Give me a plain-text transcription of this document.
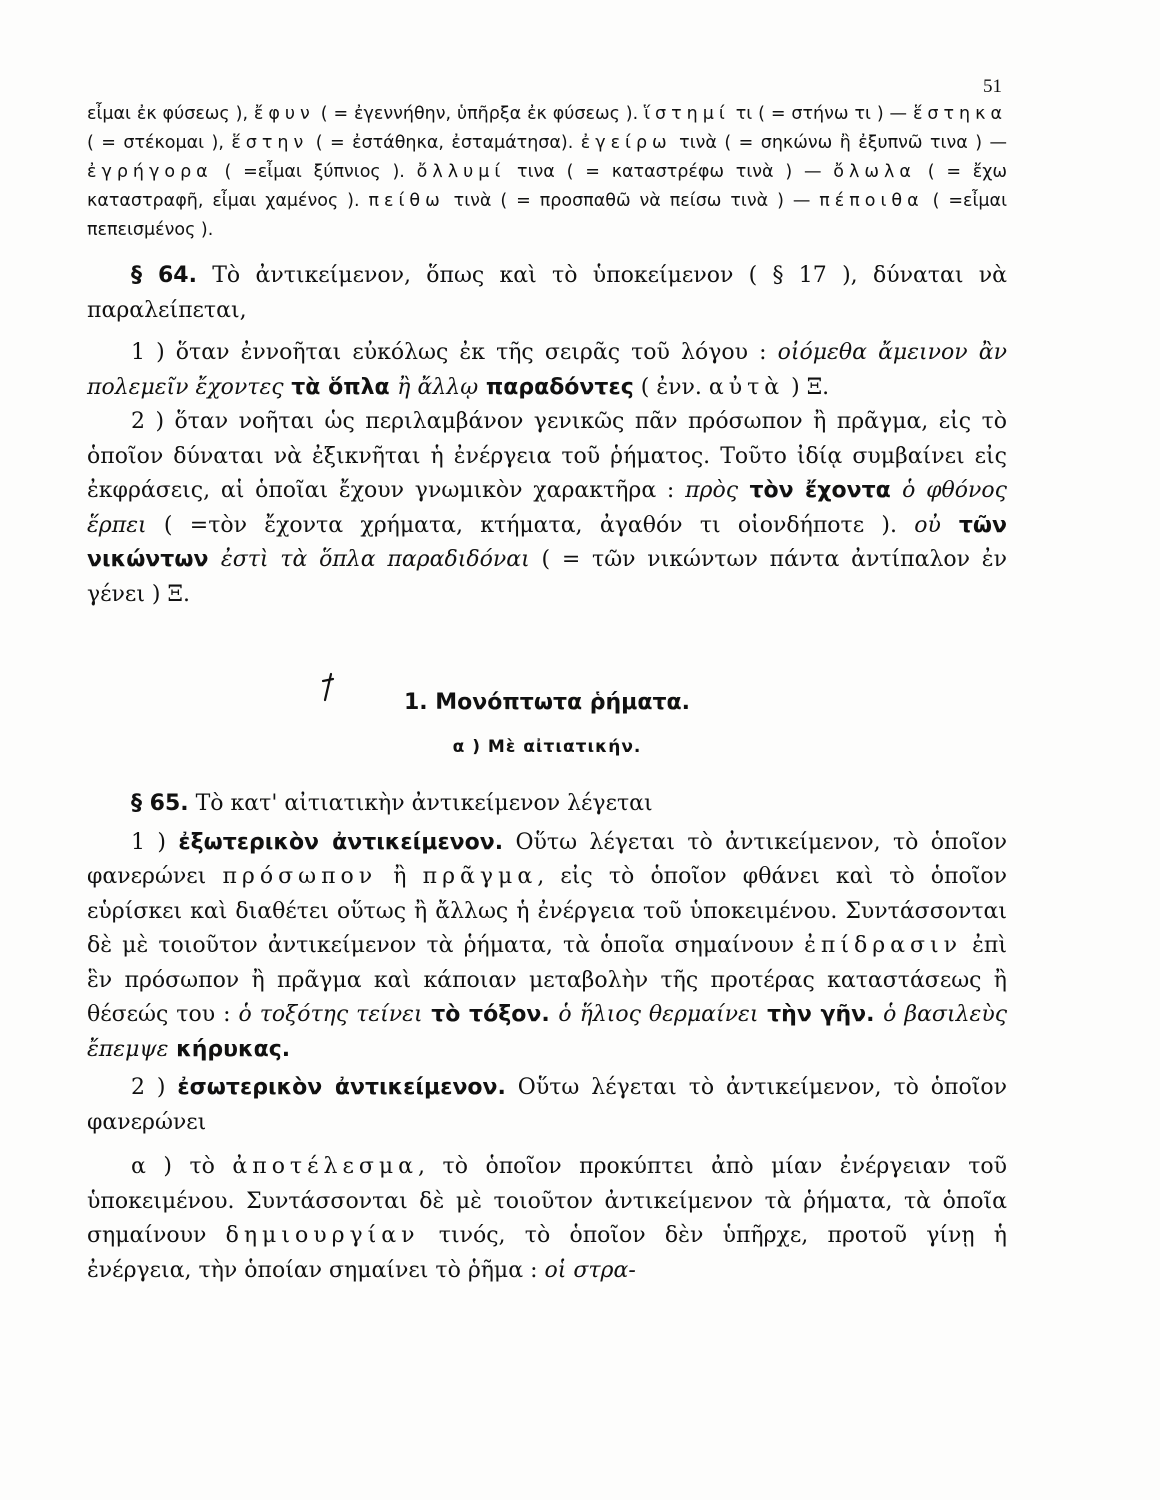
51

εἶμαι ἐκ φύσεως ), ἔφυν ( = ἐγεννήθην, ὑπῆρξα ἐκ φύσεως ). ἵστημί τι ( = στήνω τι ) — ἕστηκα ( = στέκομαι ), ἕστην ( = ἐστάθηκα, ἐσταμάτησα). ἐγείρω τινὰ ( = σηκώνω ἢ ἐξυπνῶ τινα ) — ἐγρήγορα ( =εἶμαι ξύπνιος ). ὄλλυμί τινα ( = καταστρέφω τινὰ ) — ὄλωλα ( = ἔχω καταστραφῆ, εἶμαι χαμένος ). πείθω τινὰ ( = προσπαθῶ νὰ πείσω τινὰ ) — πέποιθα ( =εἶμαι πεπεισμένος ).

§ 64. Τὸ ἀντικείμενον, ὅπως καὶ τὸ ὑποκείμενον ( § 17 ), δύναται νὰ παραλείπεται,

1 ) ὅταν ἐννοῆται εὐκόλως ἐκ τῆς σειρᾶς τοῦ λόγου : οἰόμεθα ἄμεινον ἂν πολεμεῖν ἔχοντες τὰ ὅπλα ἢ ἄλλῳ παραδόντες ( ἐνν. αὐτὰ ) Ξ.

2 ) ὅταν νοῆται ὡς περιλαμβάνον γενικῶς πᾶν πρόσωπον ἢ πρᾶγμα, εἰς τὸ ὁποῖον δύναται νὰ ἐξικνῆται ἡ ἐνέργεια τοῦ ῥήματος. Τοῦτο ἰδίᾳ συμβαίνει εἰς ἐκφράσεις, αἱ ὁποῖαι ἔχουν γνωμικὸν χαρακτῆρα : πρὸς τὸν ἔχοντα ὁ φθόνος ἕρπει ( =τὸν ἔχοντα χρήματα, κτήματα, ἀγαθόν τι οἱονδήποτε ). οὐ τῶν νικώντων ἐστὶ τὰ ὅπλα παραδιδόναι ( = τῶν νικώντων πάντα ἀντίπαλον ἐν γένει ) Ξ.

1. Μονόπτωτα ῥήματα.
α ) Μὲ αἰτιατικήν.

§ 65. Τὸ κατ' αἰτιατικὴν ἀντικείμενον λέγεται

1 ) ἐξωτερικὸν ἀντικείμενον. Οὕτω λέγεται τὸ ἀντικείμενον, τὸ ὁποῖον φανερώνει πρόσωπον ἢ πρᾶγμα, εἰς τὸ ὁποῖον φθάνει καὶ τὸ ὁποῖον εὑρίσκει καὶ διαθέτει οὕτως ἢ ἄλλως ἡ ἐνέργεια τοῦ ὑποκειμένου. Συντάσσονται δὲ μὲ τοιοῦτον ἀντικείμενον τὰ ῥήματα, τὰ ὁποῖα σημαίνουν ἐπίδρασιν ἐπὶ ἓν πρόσωπον ἢ πρᾶγμα καὶ κάποιαν μεταβολὴν τῆς προτέρας καταστάσεως ἢ θέσεώς του : ὁ τοξότης τείνει τὸ τόξον. ὁ ἥλιος θερμαίνει τὴν γῆν. ὁ βασιλεὺς ἔπεμψε κήρυκας.

2 ) ἐσωτερικὸν ἀντικείμενον. Οὕτω λέγεται τὸ ἀντικείμενον, τὸ ὁποῖον φανερώνει

α ) τὸ ἀποτέλεσμα, τὸ ὁποῖον προκύπτει ἀπὸ μίαν ἐνέργειαν τοῦ ὑποκειμένου. Συντάσσονται δὲ μὲ τοιοῦτον ἀντικείμενον τὰ ῥήματα, τὰ ὁποῖα σημαίνουν δημιουργίαν τινός, τὸ ὁποῖον δὲν ὑπῆρχε, προτοῦ γίνῃ ἡ ἐνέργεια, τὴν ὁποίαν σημαίνει τὸ ῥῆμα : οἱ στρα-
